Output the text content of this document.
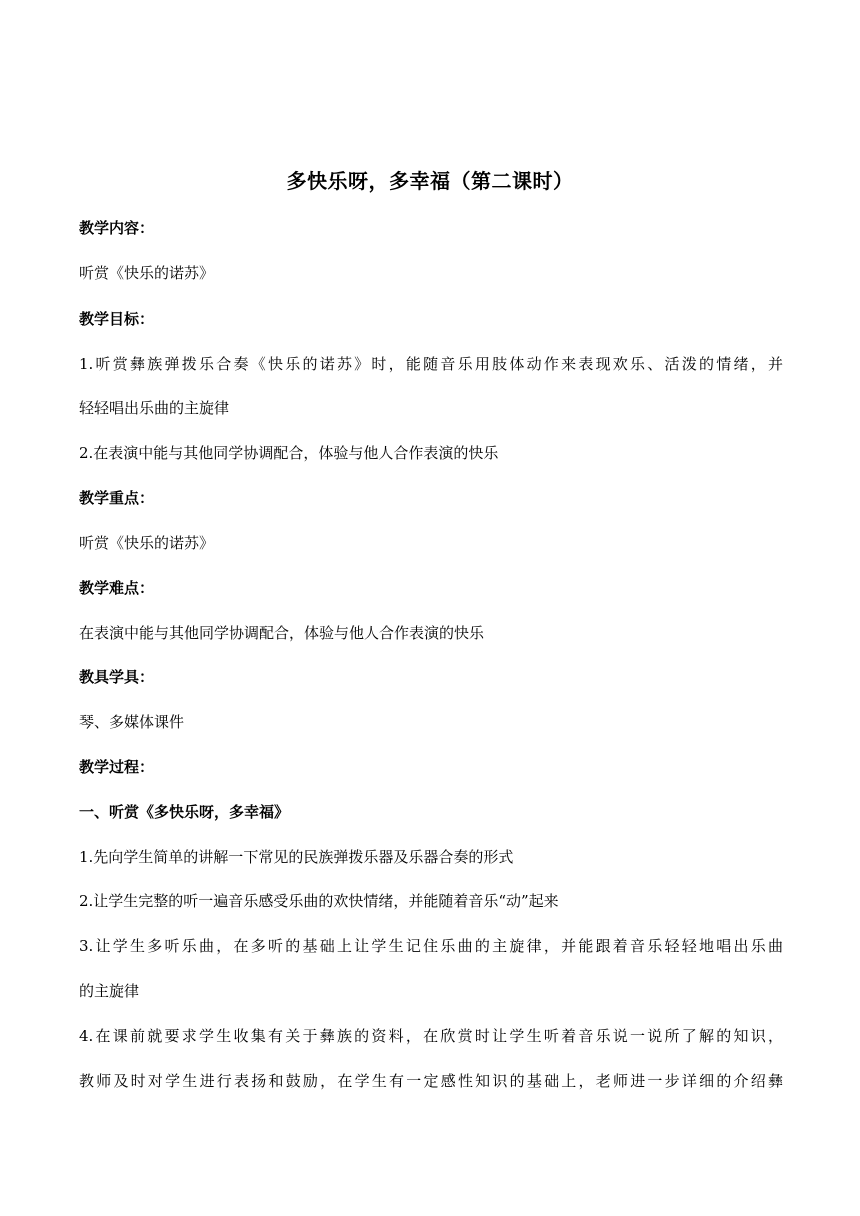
多快乐呀，多幸福（第二课时）
教学内容：
听赏《快乐的诺苏》
教学目标：
1.听赏彝族弹拨乐合奏《快乐的诺苏》时，能随音乐用肢体动作来表现欢乐、活泼的情绪，并
轻轻唱出乐曲的主旋律
2.在表演中能与其他同学协调配合，体验与他人合作表演的快乐
教学重点：
听赏《快乐的诺苏》
教学难点：
在表演中能与其他同学协调配合，体验与他人合作表演的快乐
教具学具：
琴、多媒体课件
教学过程：
一、听赏《多快乐呀，多幸福》
1.先向学生简单的讲解一下常见的民族弹拨乐器及乐器合奏的形式
2.让学生完整的听一遍音乐感受乐曲的欢快情绪，并能随着音乐“动”起来
3.让学生多听乐曲，在多听的基础上让学生记住乐曲的主旋律，并能跟着音乐轻轻地唱出乐曲
的主旋律
4.在课前就要求学生收集有关于彝族的资料，在欣赏时让学生听着音乐说一说所了解的知识，
教师及时对学生进行表扬和鼓励，在学生有一定感性知识的基础上，老师进一步详细的介绍彝
